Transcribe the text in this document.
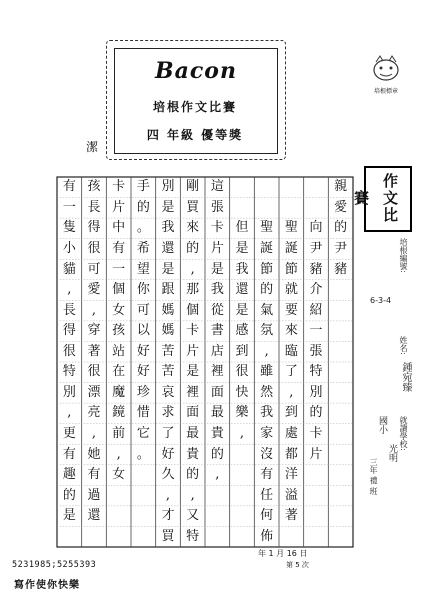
Bacon
培根作文比賽
四 年級 優等獎
培根標章
潔
作文比賽
親
愛
的
尹
豬
向
尹
豬
介
紹
一
張
特
別
的
卡
片
聖
誕
節
就
要
來
臨
了
,
到
處
都
洋
溢
著
聖
誕
節
的
氣
氛
,
雖
然
我
家
沒
有
任
何
佈
但
是
我
還
是
感
到
很
快
樂
,
這
張
卡
片
是
我
從
書
店
裡
面
最
貴
的
,
剛
買
來
的
,
那
個
卡
片
是
裡
面
最
貴
的
,
又
特
別
是
我
還
是
跟
媽
媽
苦
苦
哀
求
了
好
久
,
才
買
手
的
。
希
望
你
可
以
好
好
珍
惜
它
。
卡
片
中
有
一
個
女
孩
站
在
魔
鏡
前
,
女
孩
長
得
很
可
愛
,
穿
著
很
漂
亮
,
她
有
過
還
有
一
隻
小
貓
,
長
得
很
特
別
,
更
有
趣
的
是
培根編號:
6-3-4
姓名:
鍾宛臻
就讀學校:
光明
國小
三年 禮 班
5231985;5255393
寫作使你快樂
年 1 月 16 日
第 5 次
